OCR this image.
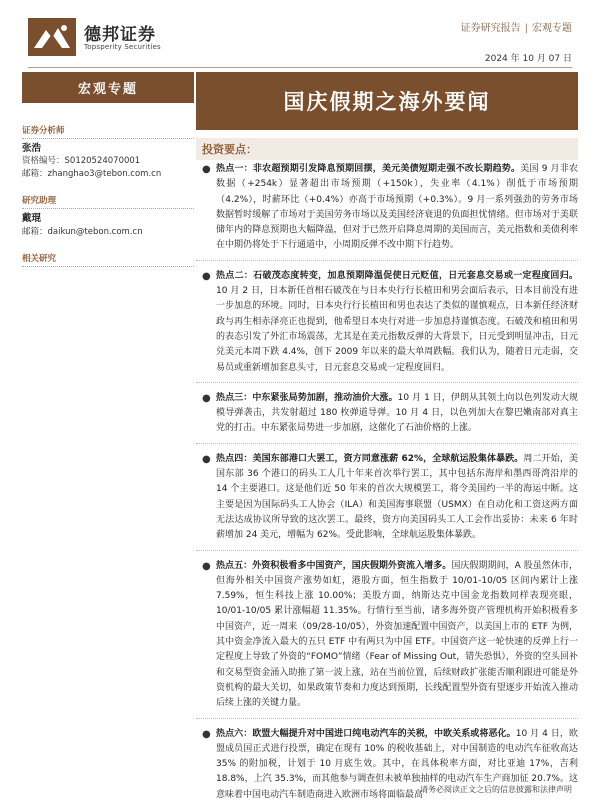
德邦证券
Topsperity Securities
证券研究报告 | 宏观专题
2024 年 10 月 07 日
宏观专题
证券分析师
张浩
资格编号：S0120524070001
邮箱：zhanghao3@tebon.com.cn
研究助理
戴琨
邮箱：daikun@tebon.com.cn
相关研究
国庆假期之海外要闻
投资要点：
● 热点一：非农超预期引发降息预期回摆，美元美债短期走强不改长期趋势。美国 9 月非农数据（+254k）显著超出市场预期（+150k），失业率（4.1%）削低于市场预期（4.2%），时薪环比（+0.4%）亦高于市场预期（+0.3%）。9 月一系列强劲的劳务市场数据暂时缓解了市场对于美国劳务市场以及美国经济衰退的负面担忧情绪。但市场对于美联储年内的降息预期也大幅降温，但对于已然开启降息周期的美国而言，美元指数和美债利率在中期仍将处于下行通道中，小周期反弹不改中期下行趋势。
● 热点二：石破茂态度转变，加息预期降温促使日元贬值，日元套息交易或一定程度回归。10 月 2 日，日本新任首相石破茂在与日本央行行长植田和男会面后表示，日本目前没有进一步加息的环境。同时，日本央行行长植田和男也表达了类似的谨慎观点，日本新任经济财政与再生相赤泽亮正也提到，他希望日本央行对进一步加息持谨慎态度。石破茂和植田和男的表态引发了外汇市场震荡，尤其是在美元指数反弹的大背景下，日元受到明显冲击，日元兑美元本周下跌 4.4%，创下 2009 年以来的最大单周跌幅。我们认为，随着日元走弱，交易员或重新增加套息头寸，日元套息交易或一定程度回归。
● 热点三：中东紧张局势加剧，推动油价大涨。10 月 1 日，伊朗从其领土向以色列发动大规模导弹袭击，共发射超过 180 枚弹道导弹。10 月 4 日，以色列加大在黎巴嫩南部对真主党的打击。中东紧张局势进一步加剧，这催化了石油价格的上涨。
● 热点四：美国东部港口大罢工，资方同意涨薪 62%，全球航运股集体暴跌。周二开始，美国东部 36 个港口的码头工人几十年来首次举行罢工，其中包括东海岸和墨西哥湾沿岸的 14 个主要港口。这是他们近 50 年来的首次大规模罢工，将令美国约一半的海运中断。这主要是因为国际码头工人协会（ILA）和美国海事联盟（USMX）在自动化和工资这两方面无法达成协议所导致的这次罢工。最终，资方向美国码头工人工会作出妥协：未来 6 年时薪增加 24 美元，增幅为 62%。受此影响，全球航运股集体暴跌。
● 热点五：外资积极看多中国资产，国庆假期外资流入增多。国庆假期期间，A 股虽然休市，但海外相关中国资产涨势如虹，港股方面，恒生指数于 10/01-10/05 区间内累计上涨 7.59%，恒生科技上涨 10.00%；美股方面，纳斯达克中国金龙指数同样表现亮眼，10/01-10/05 累计涨幅超 11.35%。行情行至当前，诸多海外资产管理机构开始积极看多中国资产，近一周来（09/28-10/05），外资加速配置中国资产，以美国上市的 ETF 为例，其中资金净流入最大的五只 ETF 中有两只为中国 ETF。中国资产这一轮快速的反弹上行一定程度上导致了外资的“FOMO”情绪（Fear of Missing Out，错失恐惧），外资的空头回补和交易型资金涌入助推了第一波上涨，站在当前位置，后续财政扩张能否顺利跟进可能是外资机构的最大关切，如果政策节奏和力度达到预期，长线配置型外资有望逐步开始流入推动后续上涨的关键力量。
● 热点六：欧盟大幅提升对中国进口纯电动汽车的关税，中欧关系或将恶化。10 月 4 日，欧盟成员国正式进行投票，确定在现有 10% 的税收基础上，对中国制造的电动汽车征收高达 35% 的附加税，计划于 10 月底生效。其中，在具体税率方面，对比亚迪 17%，吉利 18.8%，上汽 35.3%，而其他参与调查但未被单独抽样的电动汽车生产商加征 20.7%。这意味着中国电动汽车制造商进入欧洲市场将面临最高
请务必阅读正文之后的信息披露和法律声明
